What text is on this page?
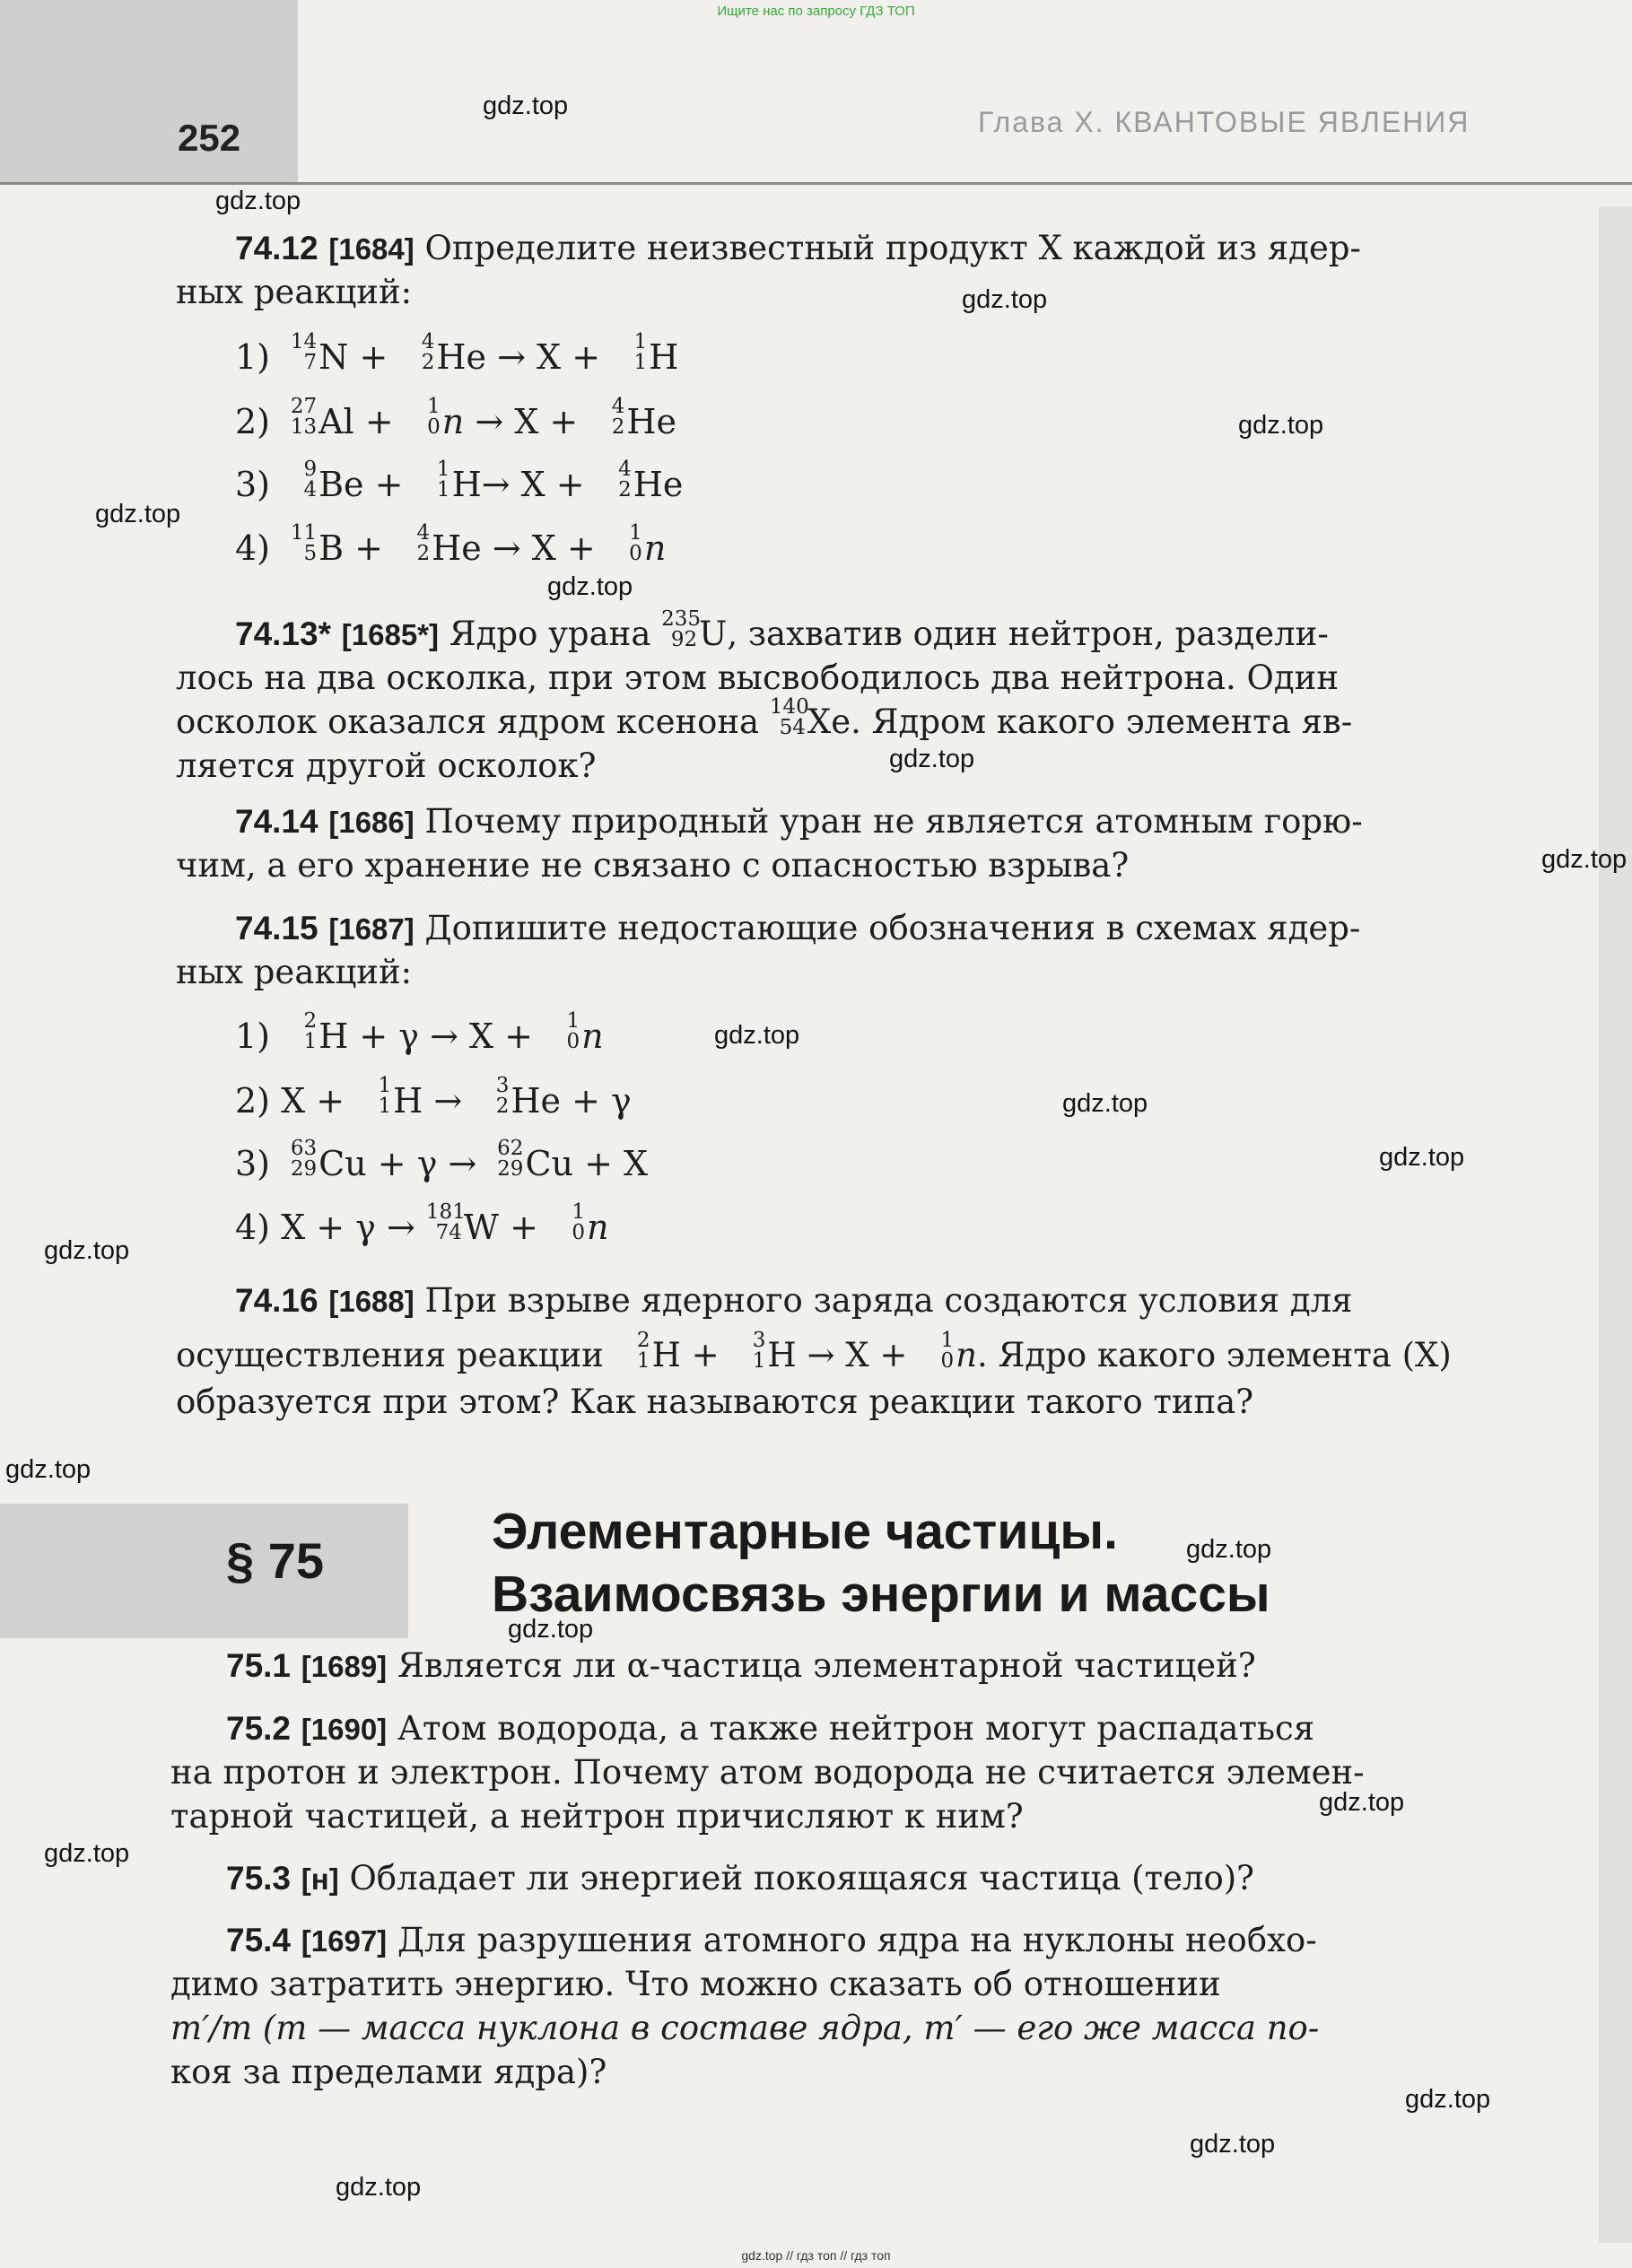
Ищите нас по запросу ГДЗ ТОП
252	Глава X. КВАНТОВЫЕ ЯВЛЕНИЯ
gdz.top
gdz.top
gdz.top
gdz.top
gdz.top
gdz.top
gdz.top
gdz.top
gdz.top
gdz.top
gdz.top
gdz.top
gdz.top
gdz.top
gdz.top
gdz.top
gdz.top
gdz.top
gdz.top
gdz.top
74.12 [1684] Определите неизвестный продукт X каждой из ядер-
ных реакций:
1) 14
7 N +	4
2 He → X +	1
1 H
2) 27
13 Al +	1
0 n → X +	4
2 He
3)	9
4 Be +	1
1 H→ X +	4
2 He
4) 11
5 B +	4
2 He → X +	1
0 n
74.13* [1685*] Ядро урана 235
92 U, захватив один нейтрон, раздели-
лось на два осколка, при этом высвободилось два нейтрона. Один
осколок оказался ядром ксенона 140
54 Xe. Ядром какого элемента яв-
ляется другой осколок?
74.14 [1686] Почему природный уран не является атомным горю-
чим, а его хранение не связано с опасностью взрыва?
74.15 [1687] Допишите недостающие обозначения в схемах ядер-
ных реакций:
1)	2
1 H + γ → X +	1
0 n
2) X +	1
1 H →	3
2 He + γ
3) 63
29 Cu + γ → 62
29 Cu + X
4) X + γ → 181
74 W +	1
0 n
74.16 [1688] При взрыве ядерного заряда создаются условия для
осуществления реакции	2
1 H +	3
1 H → X +	1
0 n. Ядро какого элемента (X)
образуется при этом? Как называются реакции такого типа?
§ 75
Элементарные частицы.
Взаимосвязь энергии и массы
75.1 [1689] Является ли α-частица элементарной частицей?
75.2 [1690] Атом водорода, а также нейтрон могут распадаться
на протон и электрон. Почему атом водорода не считается элемен-
тарной частицей, а нейтрон причисляют к ним?
75.3 [н] Обладает ли энергией покоящаяся частица (тело)?
75.4 [1697] Для разрушения атомного ядра на нуклоны необхо-
димо затратить энергию. Что можно сказать об отношении
m′/m (m — масса нуклона в составе ядра, m′ — его же масса по-
коя за пределами ядра)?
gdz.top // гдз топ // гдз топ
